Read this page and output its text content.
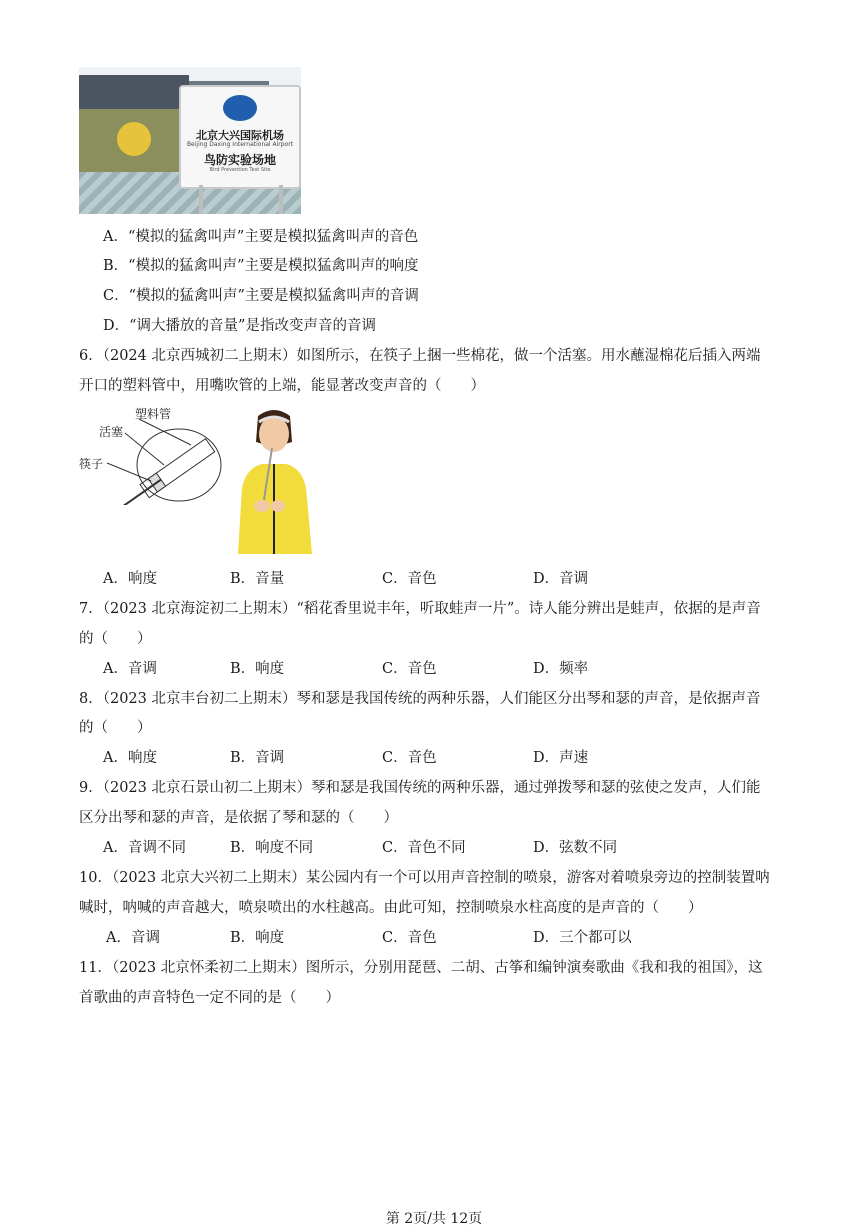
北京大兴国际机场
Beijing Daxing International Airport
鸟防实验场地
Bird Prevention Test Site
A．“模拟的猛禽叫声”主要是模拟猛禽叫声的音色
B．“模拟的猛禽叫声”主要是模拟猛禽叫声的响度
C．“模拟的猛禽叫声”主要是模拟猛禽叫声的音调
D．“调大播放的音量”是指改变声音的音调
6．（2024 北京西城初二上期末）如图所示，在筷子上捆一些棉花，做一个活塞。用水蘸湿棉花后插入两端
开口的塑料管中，用嘴吹管的上端，能显著改变声音的（　　）
塑料管
活塞
筷子
A．响度	B．音量	C．音色	D．音调
7．（2023 北京海淀初二上期末）“稻花香里说丰年，听取蛙声一片”。诗人能分辨出是蛙声，依据的是声音
的（　　）
A．音调	B．响度	C．音色	D．频率
8．（2023 北京丰台初二上期末）琴和瑟是我国传统的两种乐器，人们能区分出琴和瑟的声音，是依据声音
的（　　）
A．响度	B．音调	C．音色	D．声速
9．（2023 北京石景山初二上期末）琴和瑟是我国传统的两种乐器，通过弹拨琴和瑟的弦使之发声，人们能
区分出琴和瑟的声音，是依据了琴和瑟的（　　）
A．音调不同	B．响度不同	C．音色不同	D．弦数不同
10．（2023 北京大兴初二上期末）某公园内有一个可以用声音控制的喷泉，游客对着喷泉旁边的控制装置呐
喊时，呐喊的声音越大，喷泉喷出的水柱越高。由此可知，控制喷泉水柱高度的是声音的（　　）
A．音调	B．响度	C．音色	D．三个都可以
11．（2023 北京怀柔初二上期末）图所示，分别用琵琶、二胡、古筝和编钟演奏歌曲《我和我的祖国》，这
首歌曲的声音特色一定不同的是（　　）
第 2页/共 12页
